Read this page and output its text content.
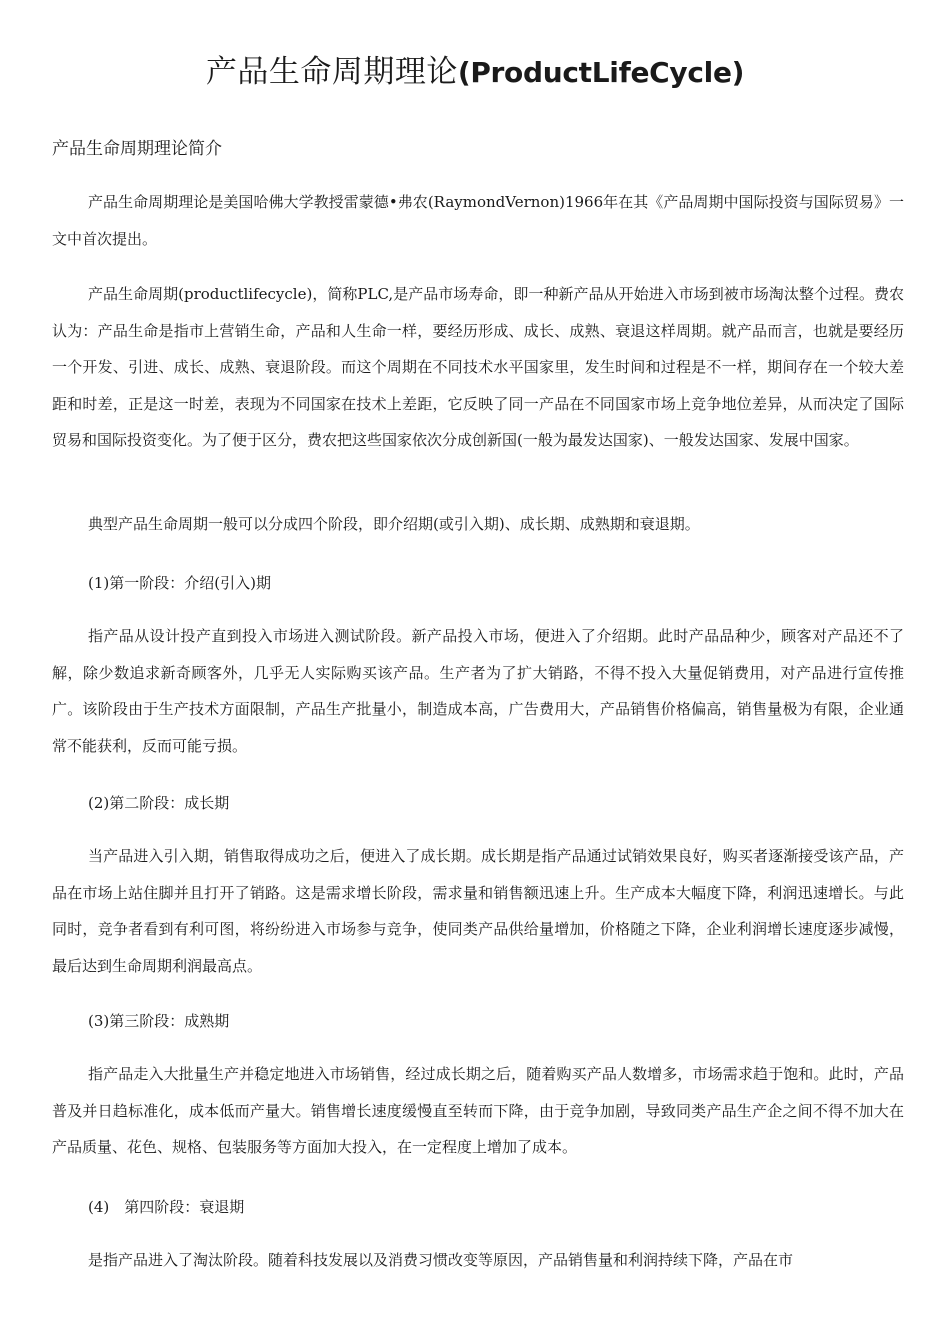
产品生命周期理论(ProductLifeCycle)
产品生命周期理论简介

产品生命周期理论是美国哈佛大学教授雷蒙德•弗农(RaymondVernon)1966年在其《产品周期中国际投资与国际贸易》一文中首次提出。

产品生命周期(productlifecycle)，简称PLC,是产品市场寿命，即一种新产品从开始进入市场到被市场淘汰整个过程。费农认为：产品生命是指市上营销生命，产品和人生命一样，要经历形成、成长、成熟、衰退这样周期。就产品而言，也就是要经历一个开发、引进、成长、成熟、衰退阶段。而这个周期在不同技术水平国家里，发生时间和过程是不一样，期间存在一个较大差距和时差，正是这一时差，表现为不同国家在技术上差距，它反映了同一产品在不同国家市场上竞争地位差异，从而决定了国际贸易和国际投资变化。为了便于区分，费农把这些国家依次分成创新国(一般为最发达国家)、一般发达国家、发展中国家。

典型产品生命周期一般可以分成四个阶段，即介绍期(或引入期)、成长期、成熟期和衰退期。

(1)第一阶段：介绍(引入)期

指产品从设计投产直到投入市场进入测试阶段。新产品投入市场，便进入了介绍期。此时产品品种少，顾客对产品还不了解，除少数追求新奇顾客外，几乎无人实际购买该产品。生产者为了扩大销路，不得不投入大量促销费用，对产品进行宣传推广。该阶段由于生产技术方面限制，产品生产批量小，制造成本高，广告费用大，产品销售价格偏高，销售量极为有限，企业通常不能获利，反而可能亏损。

(2)第二阶段：成长期

当产品进入引入期，销售取得成功之后，便进入了成长期。成长期是指产品通过试销效果良好，购买者逐渐接受该产品，产品在市场上站住脚并且打开了销路。这是需求增长阶段，需求量和销售额迅速上升。生产成本大幅度下降，利润迅速增长。与此同时，竞争者看到有利可图，将纷纷进入市场参与竞争，使同类产品供给量增加，价格随之下降，企业利润增长速度逐步减慢，最后达到生命周期利润最高点。

(3)第三阶段：成熟期

指产品走入大批量生产并稳定地进入市场销售，经过成长期之后，随着购买产品人数增多，市场需求趋于饱和。此时，产品普及并日趋标准化，成本低而产量大。销售增长速度缓慢直至转而下降，由于竞争加剧，导致同类产品生产企之间不得不加大在产品质量、花色、规格、包装服务等方面加大投入，在一定程度上增加了成本。

(4)　第四阶段：衰退期

是指产品进入了淘汰阶段。随着科技发展以及消费习惯改变等原因，产品销售量和利润持续下降，产品在市
